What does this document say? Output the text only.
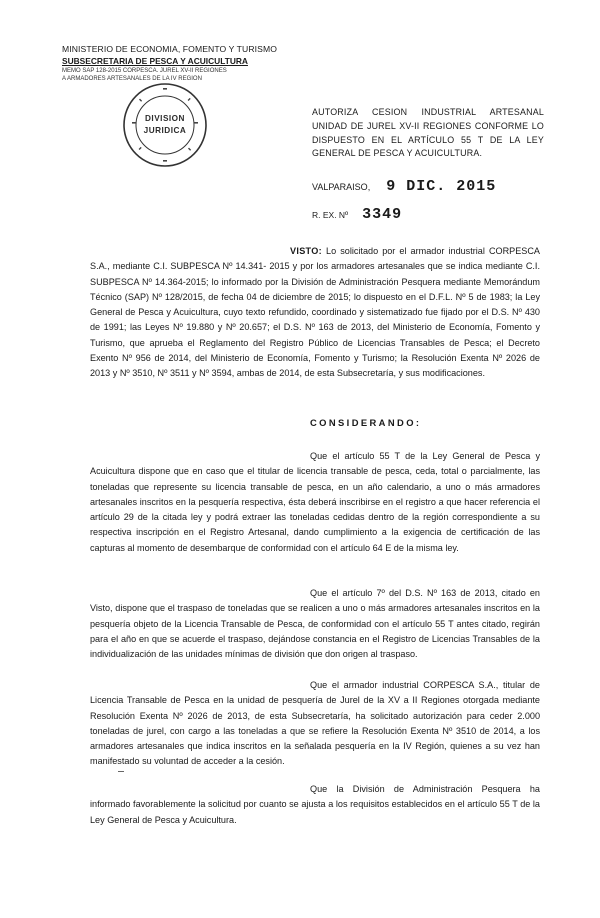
MINISTERIO DE ECONOMIA, FOMENTO Y TURISMO
SUBSECRETARIA DE PESCA Y ACUICULTURA
MEMO SAP 128-2015 CORPESCA. JUREL XV-II REGIONES
A ARMADORES ARTESANALES DE LA IV REGION
DIVISION
JURIDICA
AUTORIZA CESION INDUSTRIAL ARTESANAL UNIDAD DE JUREL XV-II REGIONES CONFORME LO DISPUESTO EN EL ARTÍCULO 55 T DE LA LEY GENERAL DE PESCA Y ACUICULTURA.
VALPARAISO, 9 DIC. 2015
R. EX. Nº 3349
VISTO: Lo solicitado por el armador industrial CORPESCA S.A., mediante C.I. SUBPESCA Nº 14.341- 2015 y por los armadores artesanales que se indica mediante C.I. SUBPESCA Nº 14.364-2015; lo informado por la División de Administración Pesquera mediante Memorándum Técnico (SAP) Nº 128/2015, de fecha 04 de diciembre de 2015; lo dispuesto en el D.F.L. Nº 5 de 1983; la Ley General de Pesca y Acuicultura, cuyo texto refundido, coordinado y sistematizado fue fijado por el D.S. Nº 430 de 1991; las Leyes Nº 19.880 y Nº 20.657; el D.S. Nº 163 de 2013, del Ministerio de Economía, Fomento y Turismo, que aprueba el Reglamento del Registro Público de Licencias Transables de Pesca; el Decreto Exento Nº 956 de 2014, del Ministerio de Economía, Fomento y Turismo; la Resolución Exenta Nº 2026 de 2013 y Nº 3510, Nº 3511 y Nº 3594, ambas de 2014, de esta Subsecretaría, y sus modificaciones.
CONSIDERANDO:
Que el artículo 55 T de la Ley General de Pesca y Acuicultura dispone que en caso que el titular de licencia transable de pesca, ceda, total o parcialmente, las toneladas que represente su licencia transable de pesca, en un año calendario, a uno o más armadores artesanales inscritos en la pesquería respectiva, ésta deberá inscribirse en el registro a que hacer referencia el artículo 29 de la citada ley y podrá extraer las toneladas cedidas dentro de la región correspondiente a su respectiva inscripción en el Registro Artesanal, dando cumplimiento a la exigencia de certificación de las capturas al momento de desembarque de conformidad con el artículo 64 E de la misma ley.
Que el artículo 7º del D.S. Nº 163 de 2013, citado en Visto, dispone que el traspaso de toneladas que se realicen a uno o más armadores artesanales inscritos en la pesquería objeto de la Licencia Transable de Pesca, de conformidad con el artículo 55 T antes citado, regirán para el año en que se acuerde el traspaso, dejándose constancia en el Registro de Licencias Transables de la individualización de las unidades mínimas de división que don origen al traspaso.
Que el armador industrial CORPESCA S.A., titular de Licencia Transable de Pesca en la unidad de pesquería de Jurel de la XV a II Regiones otorgada mediante Resolución Exenta Nº 2026 de 2013, de esta Subsecretaría, ha solicitado autorización para ceder 2.000 toneladas de jurel, con cargo a las toneladas a que se refiere la Resolución Exenta Nº 3510 de 2014, a los armadores artesanales que indica inscritos en la señalada pesquería en la IV Región, quienes a su vez han manifestado su voluntad de acceder a la cesión.
Que la División de Administración Pesquera ha informado favorablemente la solicitud por cuanto se ajusta a los requisitos establecidos en el artículo 55 T de la Ley General de Pesca y Acuicultura.
